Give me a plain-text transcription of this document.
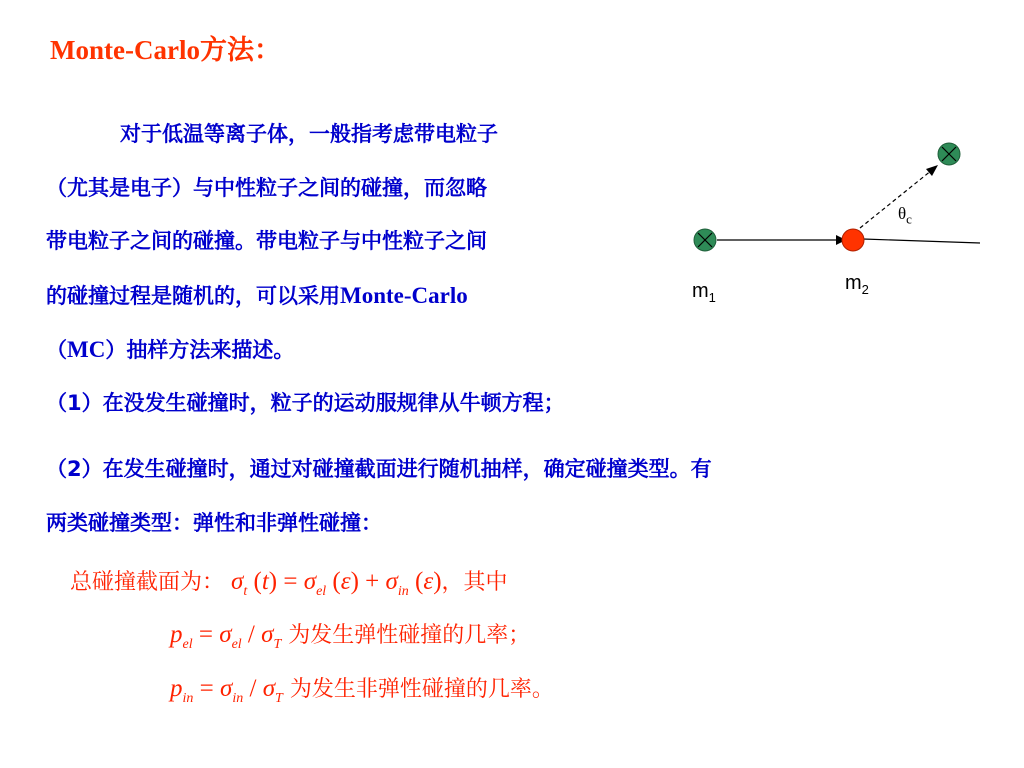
Monte-Carlo方法：
对于低温等离子体，一般指考虑带电粒子
（尤其是电子）与中性粒子之间的碰撞，而忽略
带电粒子之间的碰撞。带电粒子与中性粒子之间
的碰撞过程是随机的，可以采用Monte-Carlo
（MC）抽样方法来描述。
（1）在没发生碰撞时，粒子的运动服规律从牛顿方程；
（2）在发生碰撞时，通过对碰撞截面进行随机抽样，确定碰撞类型。有
两类碰撞类型：弹性和非弹性碰撞：
总碰撞截面为： $\sigma_t$ $(t) = \sigma_{el}$ $(\varepsilon) + \sigma_{in}$ (ε)，其中
$p_{el} = \sigma_{el} / \sigma_T$ 为发生弹性碰撞的几率；
$p_{in} = \sigma_{in} / \sigma_T$ 为发生非弹性碰撞的几率。
$\theta_c$
$m_1$
$m_2$
